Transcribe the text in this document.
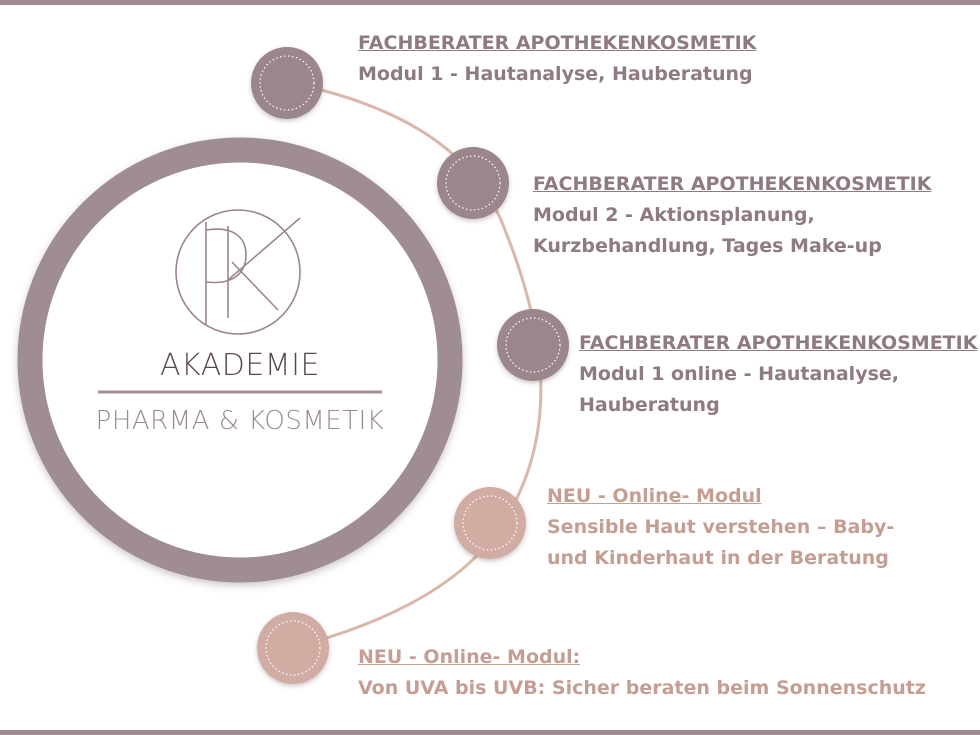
AKADEMIE
PHARMA & KOSMETIK
FACHBERATER APOTHEKENKOSMETIK
Modul 1 - Hautanalyse, Hauberatung
FACHBERATER APOTHEKENKOSMETIK
Modul 2 - Aktionsplanung,
Kurzbehandlung, Tages Make-up
FACHBERATER APOTHEKENKOSMETIK
Modul 1 online - Hautanalyse,
Hauberatung
NEU - Online- Modul
Sensible Haut verstehen – Baby-
und Kinderhaut in der Beratung
NEU - Online- Modul:
Von UVA bis UVB: Sicher beraten beim Sonnenschutz
